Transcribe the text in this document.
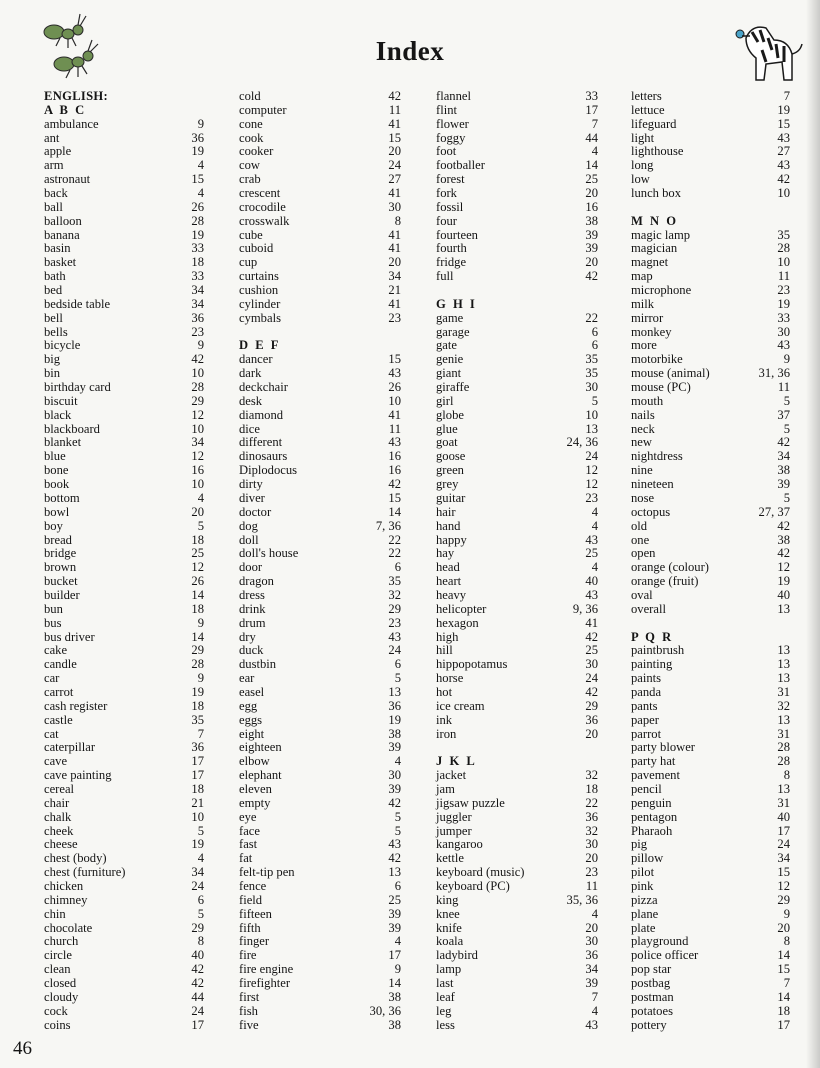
Index
ENGLISH:
A B C
ambulance	9
ant	36
apple	19
arm	4
astronaut	15
back	4
ball	26
balloon	28
banana	19
basin	33
basket	18
bath	33
bed	34
bedside table	34
bell	36
bells	23
bicycle	9
big	42
bin	10
birthday card	28
biscuit	29
black	12
blackboard	10
blanket	34
blue	12
bone	16
book	10
bottom	4
bowl	20
boy	5
bread	18
bridge	25
brown	12
bucket	26
builder	14
bun	18
bus	9
bus driver	14
cake	29
candle	28
car	9
carrot	19
cash register	18
castle	35
cat	7
caterpillar	36
cave	17
cave painting	17
cereal	18
chair	21
chalk	10
cheek	5
cheese	19
chest (body)	4
chest (furniture)	34
chicken	24
chimney	6
chin	5
chocolate	29
church	8
circle	40
clean	42
closed	42
cloudy	44
cock	24
coins	17
cold	42
computer	11
cone	41
cook	15
cooker	20
cow	24
crab	27
crescent	41
crocodile	30
crosswalk	8
cube	41
cuboid	41
cup	20
curtains	34
cushion	21
cylinder	41
cymbals	23
D E F
dancer	15
dark	43
deckchair	26
desk	10
diamond	41
dice	11
different	43
dinosaurs	16
Diplodocus	16
dirty	42
diver	15
doctor	14
dog	7, 36
doll	22
doll's house	22
door	6
dragon	35
dress	32
drink	29
drum	23
dry	43
duck	24
dustbin	6
ear	5
easel	13
egg	36
eggs	19
eight	38
eighteen	39
elbow	4
elephant	30
eleven	39
empty	42
eye	5
face	5
fast	43
fat	42
felt-tip pen	13
fence	6
field	25
fifteen	39
fifth	39
finger	4
fire	17
fire engine	9
firefighter	14
first	38
fish	30, 36
five	38
flannel	33
flint	17
flower	7
foggy	44
foot	4
footballer	14
forest	25
fork	20
fossil	16
four	38
fourteen	39
fourth	39
fridge	20
full	42
G H I
game	22
garage	6
gate	6
genie	35
giant	35
giraffe	30
girl	5
globe	10
glue	13
goat	24, 36
goose	24
green	12
grey	12
guitar	23
hair	4
hand	4
happy	43
hay	25
head	4
heart	40
heavy	43
helicopter	9, 36
hexagon	41
high	42
hill	25
hippopotamus	30
horse	24
hot	42
ice cream	29
ink	36
iron	20
J K L
jacket	32
jam	18
jigsaw puzzle	22
juggler	36
jumper	32
kangaroo	30
kettle	20
keyboard (music)	23
keyboard (PC)	11
king	35, 36
knee	4
knife	20
koala	30
ladybird	36
lamp	34
last	39
leaf	7
leg	4
less	43
letters	7
lettuce	19
lifeguard	15
light	43
lighthouse	27
long	43
low	42
lunch box	10
M N O
magic lamp	35
magician	28
magnet	10
map	11
microphone	23
milk	19
mirror	33
monkey	30
more	43
motorbike	9
mouse (animal)	31, 36
mouse (PC)	11
mouth	5
nails	37
neck	5
new	42
nightdress	34
nine	38
nineteen	39
nose	5
octopus	27, 37
old	42
one	38
open	42
orange (colour)	12
orange (fruit)	19
oval	40
overall	13
P Q R
paintbrush	13
painting	13
paints	13
panda	31
pants	32
paper	13
parrot	31
party blower	28
party hat	28
pavement	8
pencil	13
penguin	31
pentagon	40
Pharaoh	17
pig	24
pillow	34
pilot	15
pink	12
pizza	29
plane	9
plate	20
playground	8
police officer	14
pop star	15
postbag	7
postman	14
potatoes	18
pottery	17
46
